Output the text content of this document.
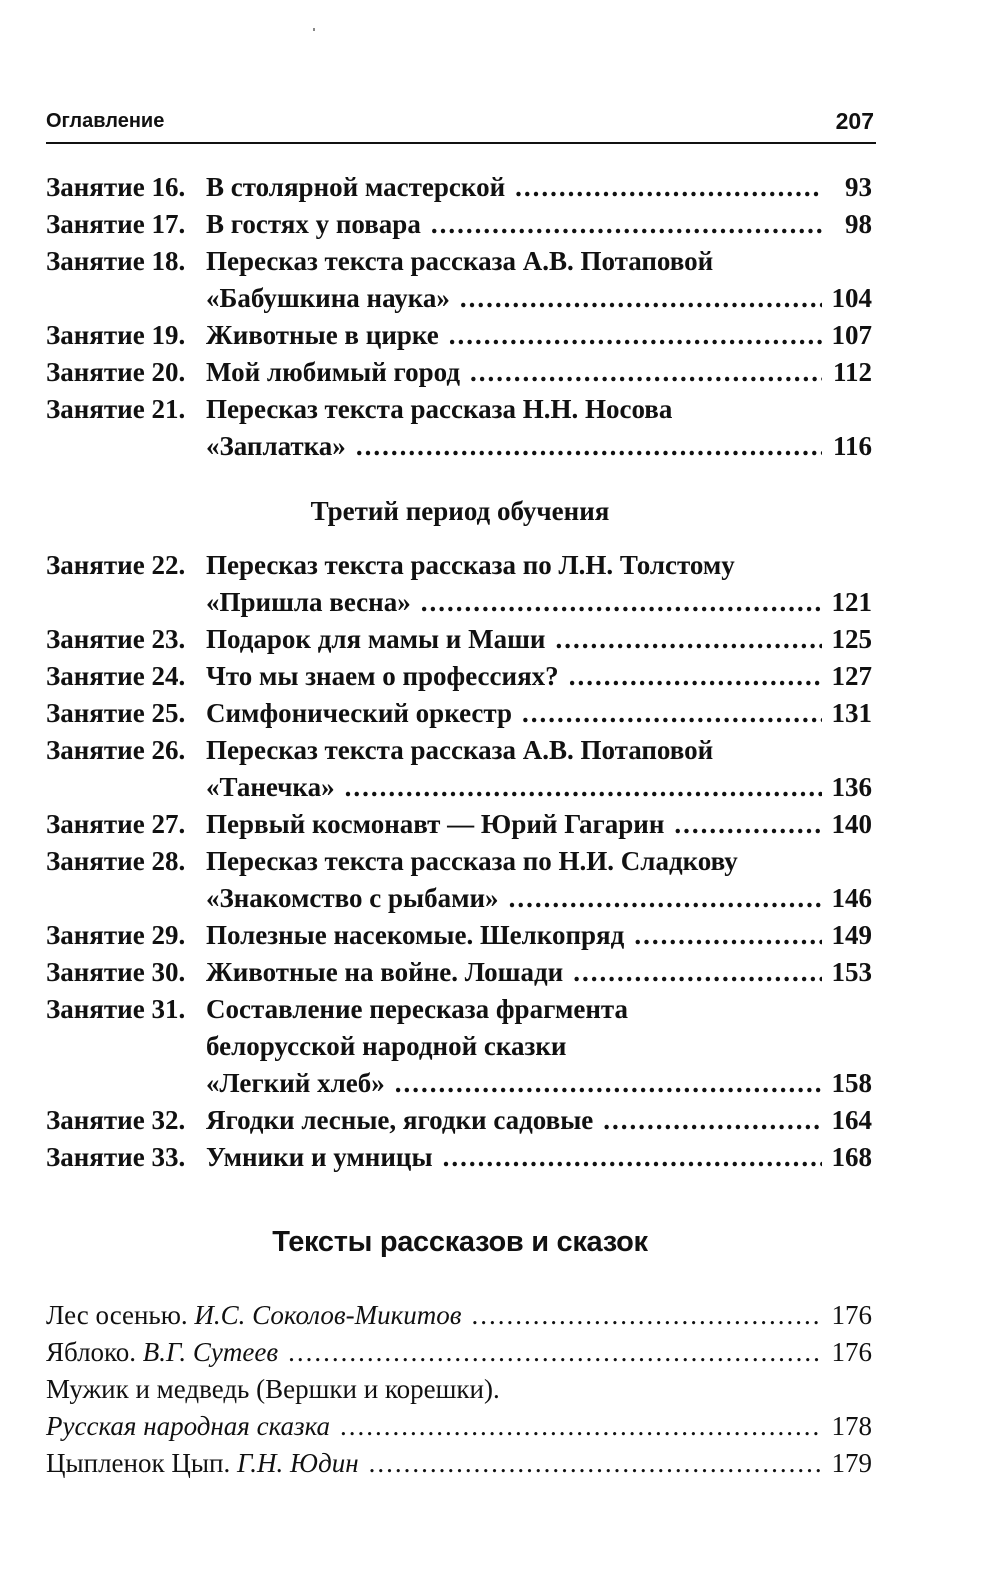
Оглавление	207
Занятие 16. В столярной мастерской .....	93
Занятие 17. В гостях у повара .....	98
Занятие 18. Пересказ текста рассказа А.В. Потаповой
«Бабушкина наука» .....	104
Занятие 19. Животные в цирке .....	107
Занятие 20. Мой любимый город .....	112
Занятие 21. Пересказ текста рассказа Н.Н. Носова
«Заплатка» .....	116
Третий период обучения
Занятие 22. Пересказ текста рассказа по Л.Н. Толстому
«Пришла весна» .....	121
Занятие 23. Подарок для мамы и Маши .....	125
Занятие 24. Что мы знаем о профессиях? .....	127
Занятие 25. Симфонический оркестр .....	131
Занятие 26. Пересказ текста рассказа А.В. Потаповой
«Танечка» .....	136
Занятие 27. Первый космонавт — Юрий Гагарин .....	140
Занятие 28. Пересказ текста рассказа по Н.И. Сладкову
«Знакомство с рыбами» .....	146
Занятие 29. Полезные насекомые. Шелкопряд .....	149
Занятие 30. Животные на войне. Лошади .....	153
Занятие 31. Составление пересказа фрагмента
белорусской народной сказки
«Легкий хлеб» .....	158
Занятие 32. Ягодки лесные, ягодки садовые .....	164
Занятие 33. Умники и умницы .....	168
Тексты рассказов и сказок
Лес осенью. И.С. Соколов-Микитов .....	176
Яблоко. В.Г. Сутеев .....	176
Мужик и медведь (Вершки и корешки).
Русская народная сказка .....	178
Цыпленок Цып. Г.Н. Юдин .....	179
